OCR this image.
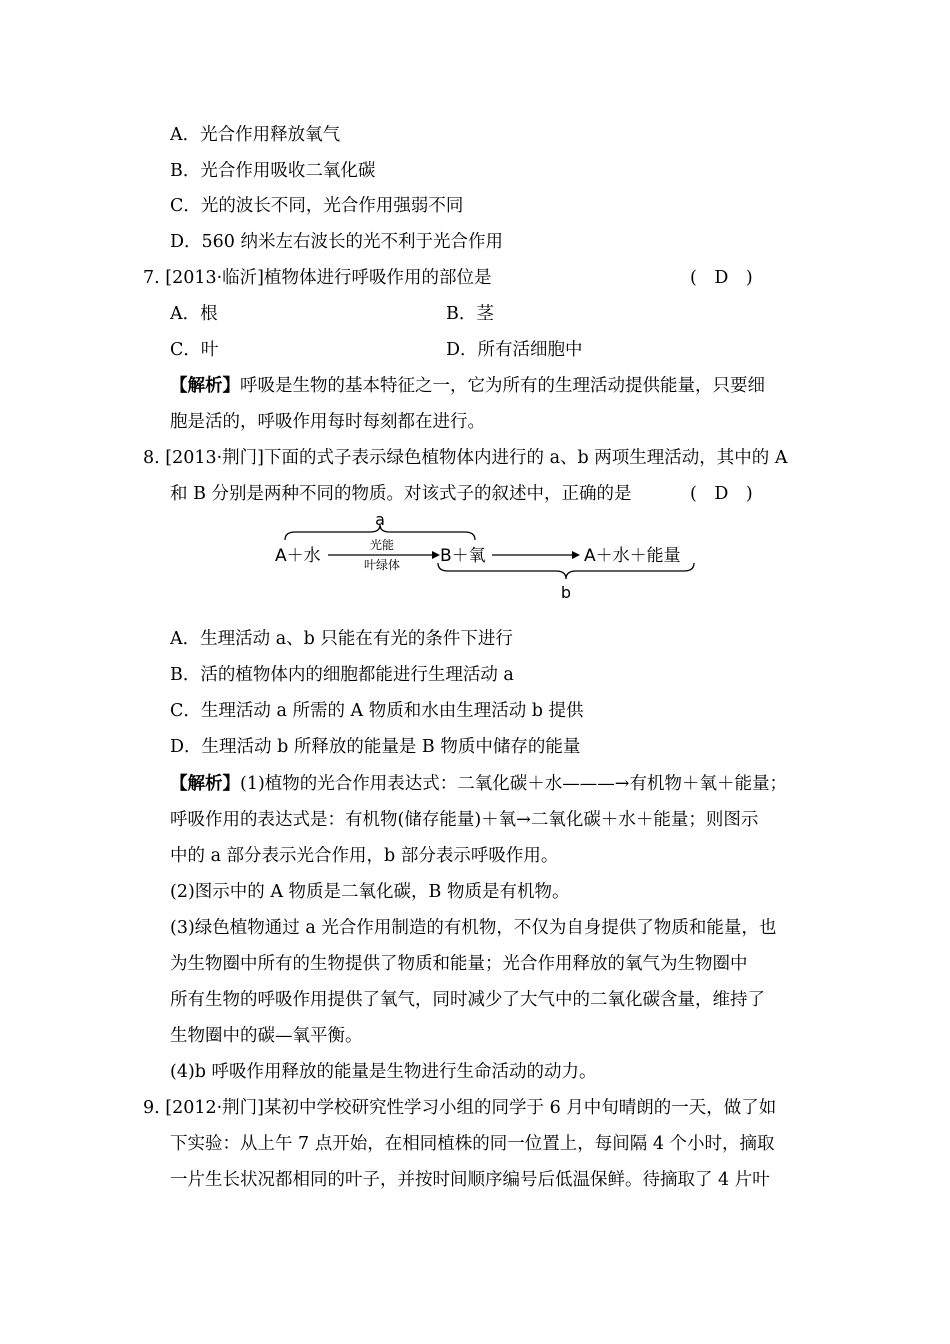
A．光合作用释放氧气
B．光合作用吸收二氧化碳
C．光的波长不同，光合作用强弱不同
D．560 纳米左右波长的光不利于光合作用
7. [2013·临沂]植物体进行呼吸作用的部位是	(　D　)
A．根	B．茎
C．叶	D．所有活细胞中
【解析】呼吸是生物的基本特征之一，它为所有的生理活动提供能量，只要细
胞是活的，呼吸作用每时每刻都在进行。
8. [2013·荆门]下面的式子表示绿色植物体内进行的 a、b 两项生理活动，其中的 A
和 B 分别是两种不同的物质。对该式子的叙述中，正确的是	(　D　)
a
A＋水
光能
叶绿体 B＋氧	A＋水＋能量
b
A．生理活动 a、b 只能在有光的条件下进行
B．活的植物体内的细胞都能进行生理活动 a
C．生理活动 a 所需的 A 物质和水由生理活动 b 提供
D．生理活动 b 所释放的能量是 B 物质中储存的能量
【解析】(1)植物的光合作用表达式：二氧化碳＋水———→有机物＋氧＋能量；
呼吸作用的表达式是：有机物(储存能量)＋氧→二氧化碳＋水＋能量；则图示
中的 a 部分表示光合作用，b 部分表示呼吸作用。
(2)图示中的 A 物质是二氧化碳，B 物质是有机物。
(3)绿色植物通过 a 光合作用制造的有机物，不仅为自身提供了物质和能量，也
为生物圈中所有的生物提供了物质和能量；光合作用释放的氧气为生物圈中
所有生物的呼吸作用提供了氧气，同时减少了大气中的二氧化碳含量，维持了
生物圈中的碳—氧平衡。
(4)b 呼吸作用释放的能量是生物进行生命活动的动力。
9. [2012·荆门]某初中学校研究性学习小组的同学于 6 月中旬晴朗的一天，做了如
下实验：从上午 7 点开始，在相同植株的同一位置上，每间隔 4 个小时，摘取
一片生长状况都相同的叶子，并按时间顺序编号后低温保鲜。待摘取了 4 片叶
